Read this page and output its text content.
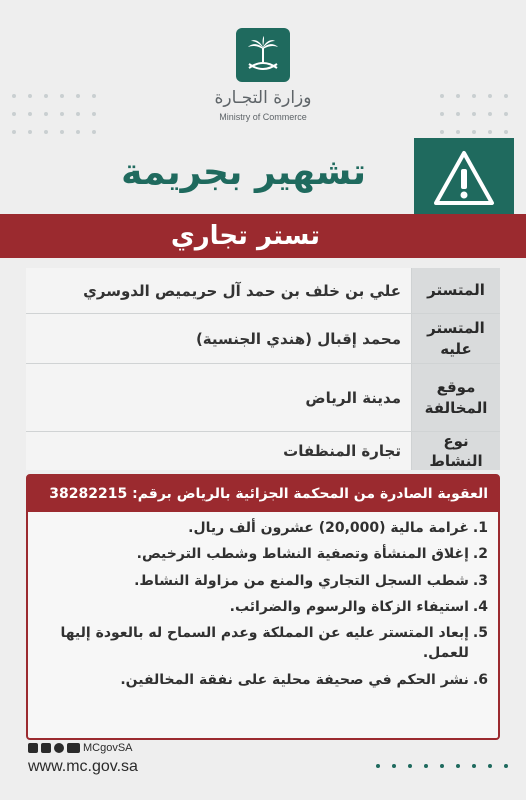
وزارة التجـارة
Ministry of Commerce
تشهير بجريمة
تستر تجاري
المتستر
علي بن خلف بن حمد آل حريميص الدوسري
المتستر عليه
محمد إقبال (هندي الجنسية)
موقع المخالفة
مدينة الرياض
نوع النشاط
تجارة المنظفات
العقوبة الصادرة من المحكمة الجزائية بالرياض برقم: 38282215
1.
غرامة مالية (20,000) عشرون ألف ريال.
2.
إغلاق المنشأة وتصفية النشاط وشطب الترخيص.
3.
شطب السجل التجاري والمنع من مزاولة النشاط.
4.
استيفاء الزكاة والرسوم والضرائب.
5.
إبعاد المتستر عليه عن المملكة وعدم السماح له بالعودة إليها للعمل.
6.
نشر الحكم في صحيفة محلية على نفقة المخالفين.
MCgovSA
www.mc.gov.sa
